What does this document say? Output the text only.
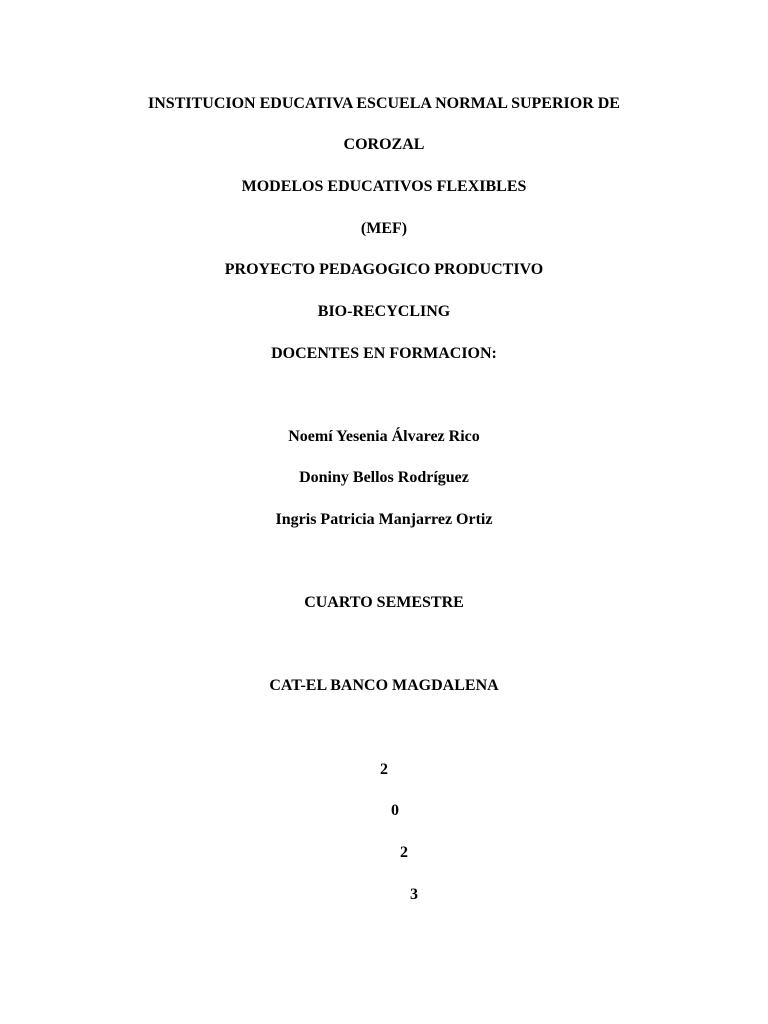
INSTITUCION EDUCATIVA ESCUELA NORMAL SUPERIOR DE
COROZAL
MODELOS EDUCATIVOS FLEXIBLES
(MEF)
PROYECTO PEDAGOGICO PRODUCTIVO
BIO-RECYCLING
DOCENTES EN FORMACION:
Noemí Yesenia Álvarez Rico
Doniny Bellos Rodríguez
Ingris Patricia Manjarrez Ortiz
CUARTO SEMESTRE
CAT-EL BANCO MAGDALENA
2
0
2
3
